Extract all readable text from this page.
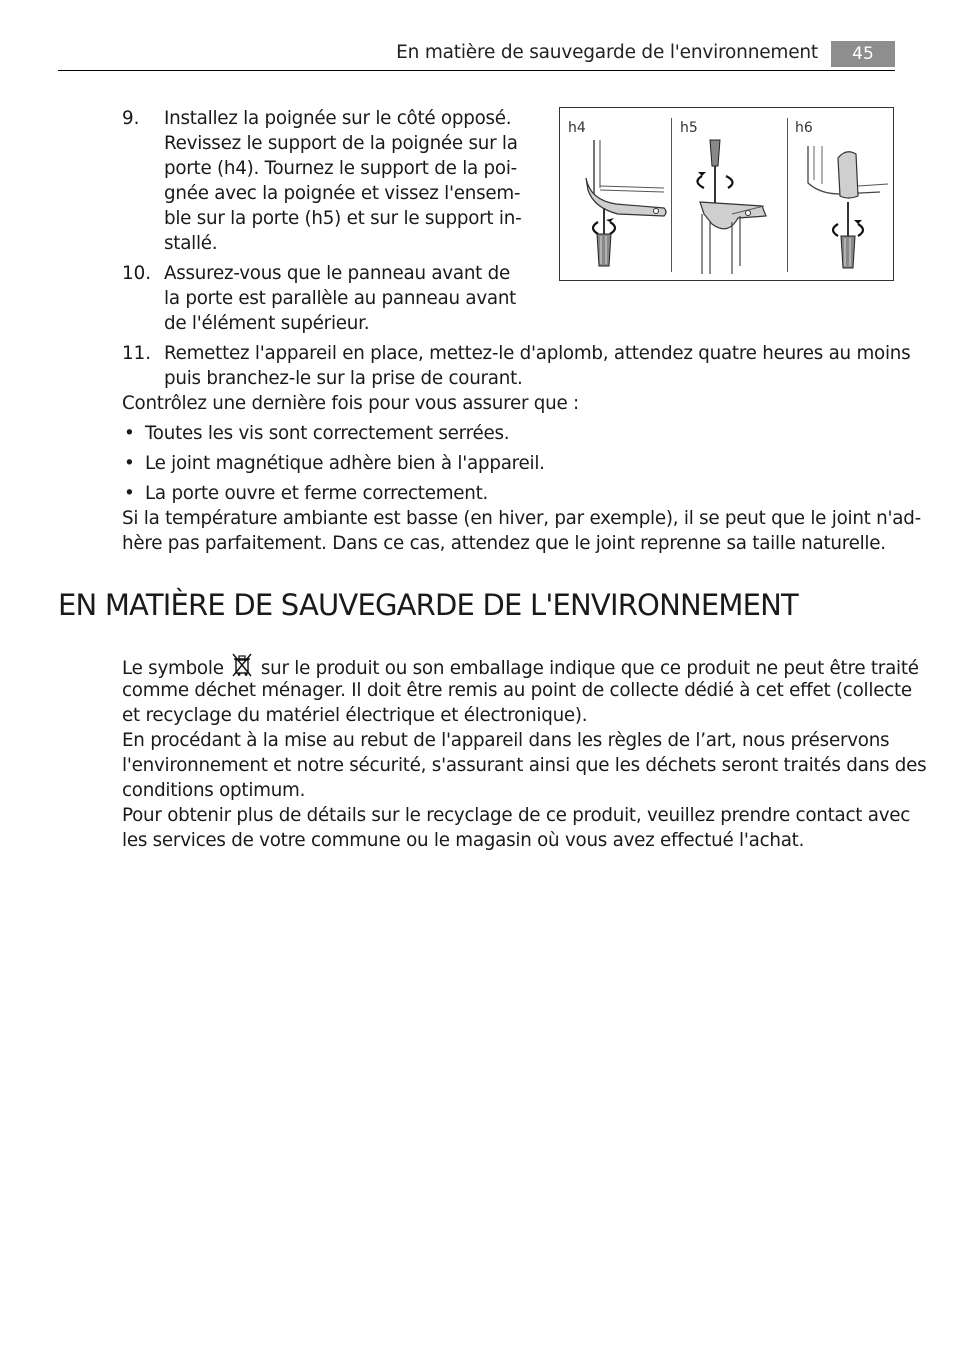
En matière de sauvegarde de l'environnement	45
9. Installez la poignée sur le côté opposé.
Revissez le support de la poignée sur la
porte (h4). Tournez le support de la poi-
gnée avec la poignée et vissez l'ensem-
ble sur la porte (h5) et sur le support in-
stallé.
10. Assurez-vous que le panneau avant de
la porte est parallèle au panneau avant
de l'élément supérieur.
11. Remettez l'appareil en place, mettez-le d'aplomb, attendez quatre heures au moins
puis branchez-le sur la prise de courant.
h4	h5	h6
Contrôlez une dernière fois pour vous assurer que :
• Toutes les vis sont correctement serrées.
• Le joint magnétique adhère bien à l'appareil.
• La porte ouvre et ferme correctement.
Si la température ambiante est basse (en hiver, par exemple), il se peut que le joint n'ad-
hère pas parfaitement. Dans ce cas, attendez que le joint reprenne sa taille naturelle.
EN MATIÈRE DE SAUVEGARDE DE L'ENVIRONNEMENT
Le symbole sur le produit ou son emballage indique que ce produit ne peut être traité
comme déchet ménager. Il doit être remis au point de collecte dédié à cet effet (collecte
et recyclage du matériel électrique et électronique).
En procédant à la mise au rebut de l'appareil dans les règles de l’art, nous préservons
l'environnement et notre sécurité, s'assurant ainsi que les déchets seront traités dans des
conditions optimum.
Pour obtenir plus de détails sur le recyclage de ce produit, veuillez prendre contact avec
les services de votre commune ou le magasin où vous avez effectué l'achat.
